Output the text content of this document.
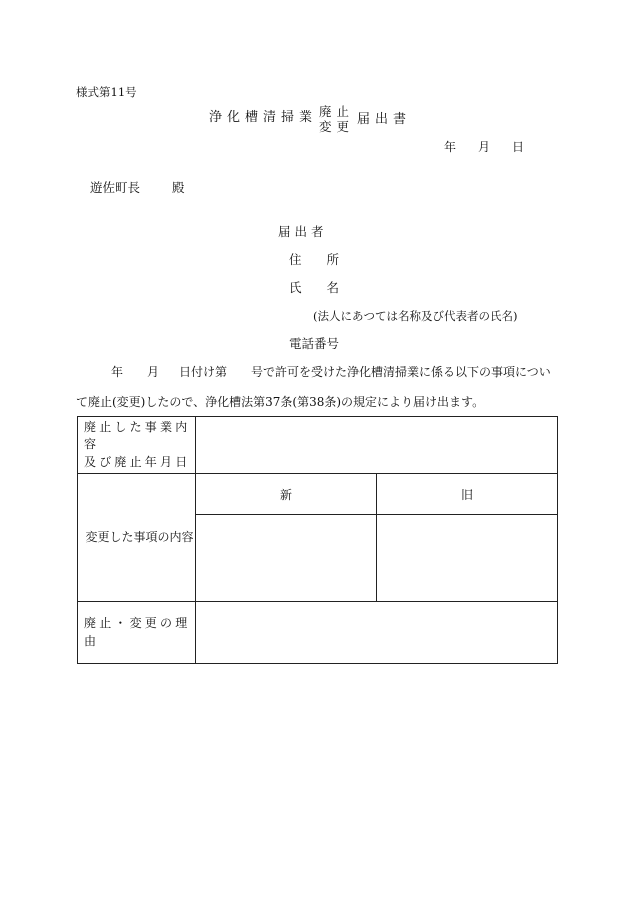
様式第11号
浄化槽清掃業 廃止
変更 届出書
年 月 日
遊佐町長	殿
届出者
住　　所
氏　　名
(法人にあつては名称及び代表者の氏名)
電話番号
年 月 日付け第 号で許可を受けた浄化槽清掃業に係る以下の事項につい
て廃止(変更)したので、浄化槽法第37条(第38条)の規定により届け出ます。
廃止した事業内容
及び廃止年月日		

変更した事項の内容	新	旧

廃止・変更の理由		
